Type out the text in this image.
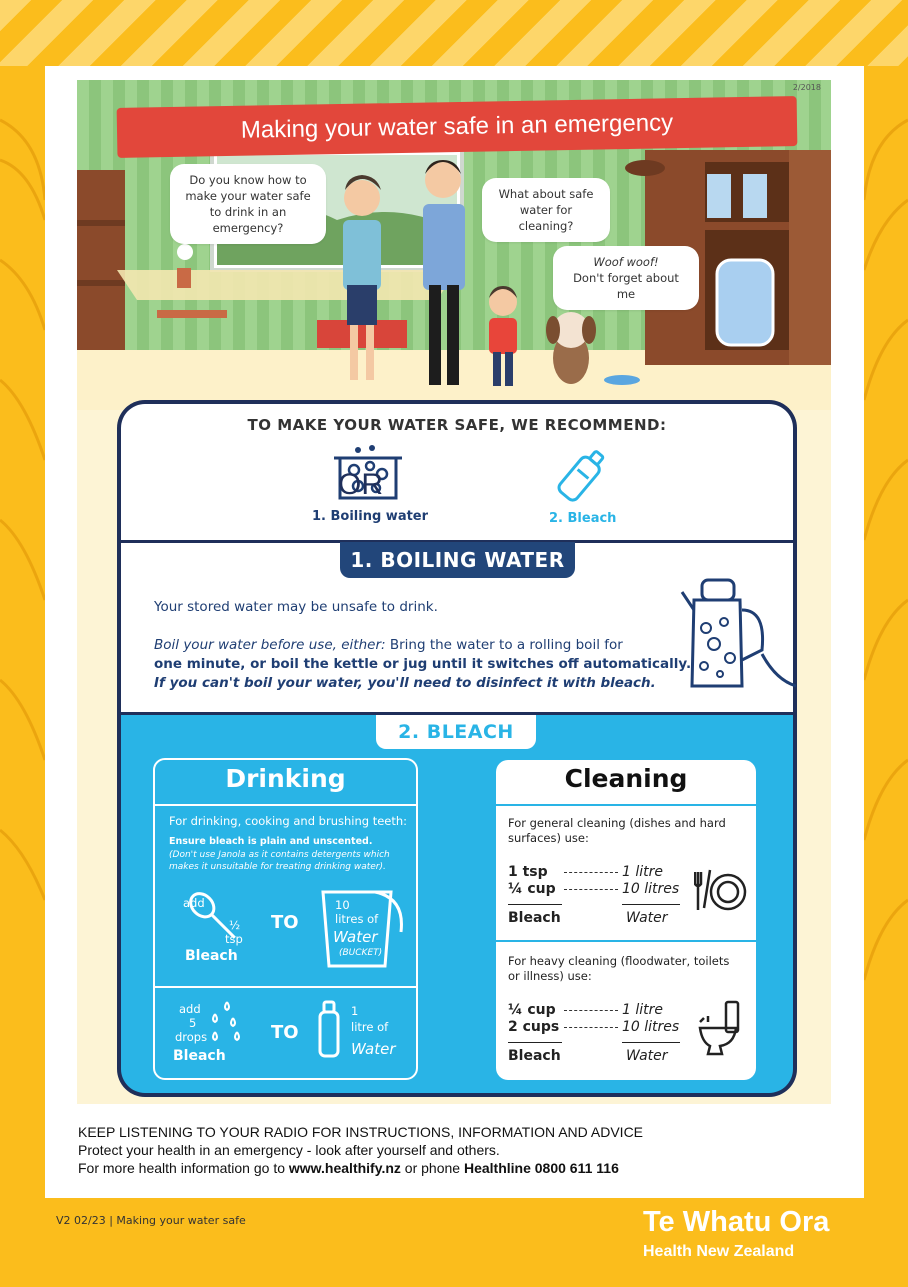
2/2018
Making your water safe in an emergency
Do you know how to make your water safe to drink in an emergency?
What about safe water for cleaning?
Woof woof!
Don't forget about me
TO MAKE YOUR WATER SAFE, WE RECOMMEND:
1. Boiling water
OR
2. Bleach
1. BOILING WATER
Your stored water may be unsafe to drink.
Boil your water before use, either: Bring the water to a rolling boil for
one minute, or boil the kettle or jug until it switches off automatically.
If you can't boil your water, you'll need to disinfect it with bleach.
2. BLEACH
Drinking
For drinking, cooking and brushing teeth:
Ensure bleach is plain and unscented.
(Don't use Janola as it contains detergents which makes it unsuitable for treating drinking water).
add
½
tsp
Bleach
TO
10
litres of
Water
(BUCKET)
add
5
drops
Bleach
TO
1
litre of
Water
Cleaning
For general cleaning (dishes and hard surfaces) use:
1 tsp	1 litre
¼ cup	10 litres
Bleach	Water
For heavy cleaning (floodwater, toilets or illness) use:
¼ cup	1 litre
2 cups	10 litres
Bleach	Water
KEEP LISTENING TO YOUR RADIO FOR INSTRUCTIONS, INFORMATION AND ADVICE
Protect your health in an emergency - look after yourself and others.
For more health information go to www.healthify.nz or phone Healthline 0800 611 116
V2 02/23 | Making your water safe	Te Whatu Ora
Health New Zealand
